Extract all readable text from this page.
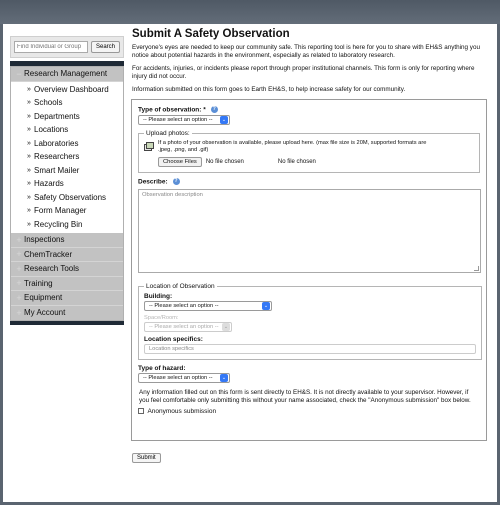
Find Individual or Group
Search
− Research Management
» Overview Dashboard
» Schools
» Departments
» Locations
» Laboratories
» Researchers
» Smart Mailer
» Hazards
» Safety Observations
» Form Manager
» Recycling Bin
+ Inspections
+ ChemTracker
+ Research Tools
+ Training
+ Equipment
+ My Account
Submit A Safety Observation

Everyone's eyes are needed to keep our community safe. This reporting tool is here for you to share with EH&S anything you notice about potential hazards in the environment, especially as related to laboratory research.

For accidents, injuries, or incidents please report through proper institutional channels. This form is only for reporting where injury did not occur.

Information submitted on this form goes to Earth EH&S, to help increase safety for our community.

Type of observation: * ?
-- Please select an option --	⌄
Upload photos:
If a photo of your observation is available, please upload here. (max file size is 20M, supported formats are
.jpeg, .png, and .gif)
Choose Files	No file chosen	No file chosen
Describe: ?
Observation description
Location of Observation
Building:
-- Please select an option --	⌄
Space/Room:
-- Please select an option --	⌄
Location specifics:
Location specifics
Type of hazard:
-- Please select an option --	⌄
Any information filled out on this form is sent directly to EH&S. It is not directly available to your supervisor. However, if you feel comfortable only submitting this without your name associated, check the "Anonymous submission" box below.
Anonymous submission
Submit
